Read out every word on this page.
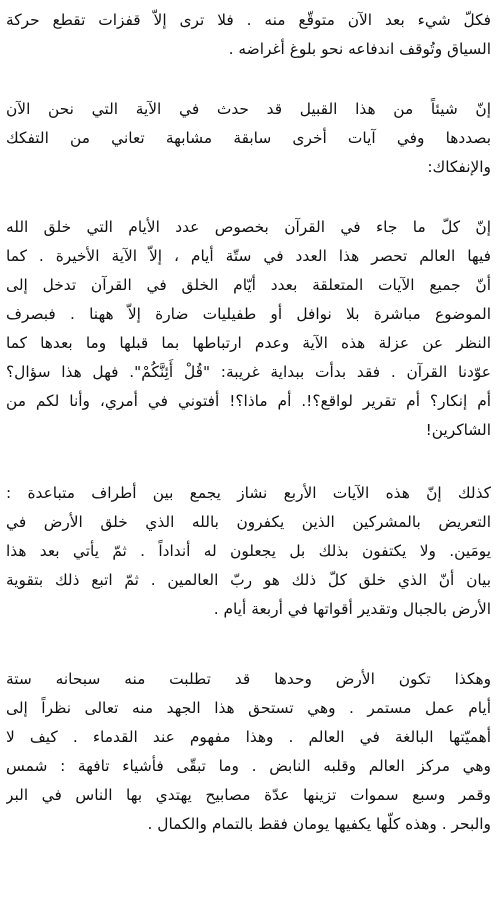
فكلّ شيء بعد الآن متوقّع منه . فلا ترى إلاّ قفزات تقطع حركة
السياق وتُوقف اندفاعه نحو بلوغ أغراضه .
إنّ شيئاً من هذا القبيل قد حدث في الآية التي نحن الآن
بصددها وفي آيات أخرى سابقة مشابهة تعاني من التفكك
والإنفكاك:
إنّ كلّ ما جاء في القرآن بخصوص عدد الأيام التي خلق الله
فيها العالم تحصر هذا العدد في ستّة أيام ، إلاّ الآية الأخيرة . كما
أنّ جميع الآيات المتعلقة بعدد أيّام الخلق في القرآن تدخل إلى
الموضوع مباشرة بلا نوافل أو طفيليات ضارة إلاّ ههنا . فبصرف
النظر عن عزلة هذه الآية وعدم ارتباطها بما قبلها وما بعدها كما
عوّدنا القرآن . فقد بدأت ببداية غريبة: "قُلْ أَئِنَّكُمْ". فهل هذا سؤال؟
أم إنكار؟ أم تقرير لواقع؟!. أم ماذا؟! أفتوني في أمري، وأنا لكم من
الشاكرين!
كذلك إنّ هذه الآيات الأربع نشاز يجمع بين أطراف متباعدة :
التعريض بالمشركين الذين يكفرون بالله الذي خلق الأرض في
يومَين. ولا يكتفون بذلك بل يجعلون له أنداداً . ثمّ يأتي بعد هذا
بيان أنّ الذي خلق كلّ ذلك هو ربّ العالمين . ثمّ اتبع ذلك بتقوية
الأرض بالجبال وتقدير أقواتها في أربعة أيام .
وهكذا تكون الأرض وحدها قد تطلبت منه سبحانه ستة
أيام عمل مستمر . وهي تستحق هذا الجهد منه تعالى نظراً إلى
أهميّتها البالغة في العالم . وهذا مفهوم عند القدماء . كيف لا
وهي مركز العالم وقلبه النابض . وما تبقّى فأشياء تافهة : شمس
وقمر وسبع سموات تزينها عدّة مصابيح يهتدي بها الناس في البر
والبحر . وهذه كلّها يكفيها يومان فقط بالتمام والكمال .
